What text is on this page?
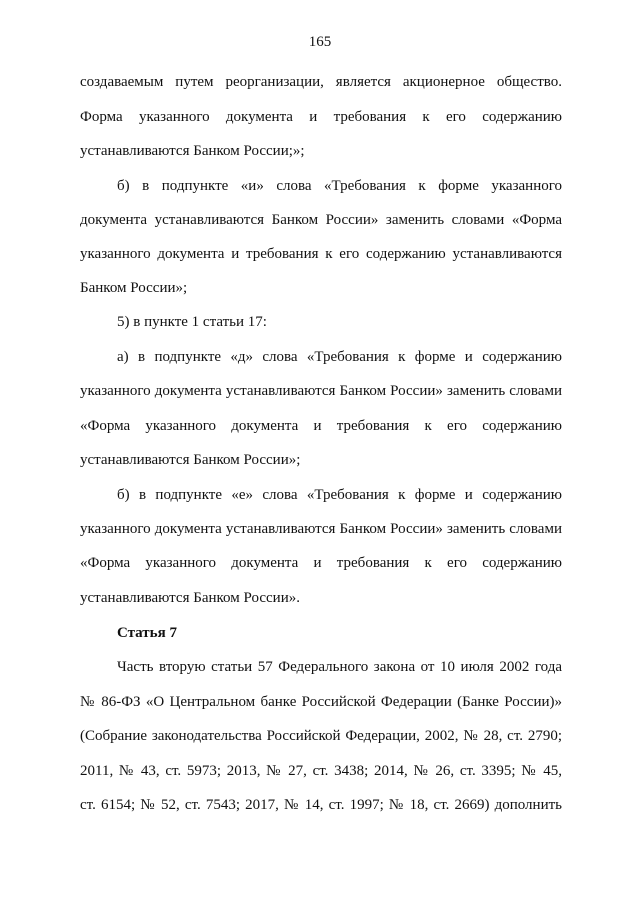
165
создаваемым путем реорганизации, является акционерное общество.
Форма указанного документа и требования к его содержанию
устанавливаются Банком России;»;
б) в подпункте «и» слова «Требования к форме указанного
документа устанавливаются Банком России» заменить словами «Форма
указанного документа и требования к его содержанию устанавливаются
Банком России»;
5) в пункте 1 статьи 17:
а) в подпункте «д» слова «Требования к форме и содержанию
указанного документа устанавливаются Банком России» заменить словами
«Форма указанного документа и требования к его содержанию
устанавливаются Банком России»;
б) в подпункте «е» слова «Требования к форме и содержанию
указанного документа устанавливаются Банком России» заменить словами
«Форма указанного документа и требования к его содержанию
устанавливаются Банком России».
Статья 7
Часть вторую статьи 57 Федерального закона от 10 июля 2002 года
№ 86-ФЗ «О Центральном банке Российской Федерации (Банке России)»
(Собрание законодательства Российской Федерации, 2002, № 28, ст. 2790;
2011, № 43, ст. 5973; 2013, № 27, ст. 3438; 2014, № 26, ст. 3395; № 45,
ст. 6154; № 52, ст. 7543; 2017, № 14, ст. 1997; № 18, ст. 2669) дополнить
